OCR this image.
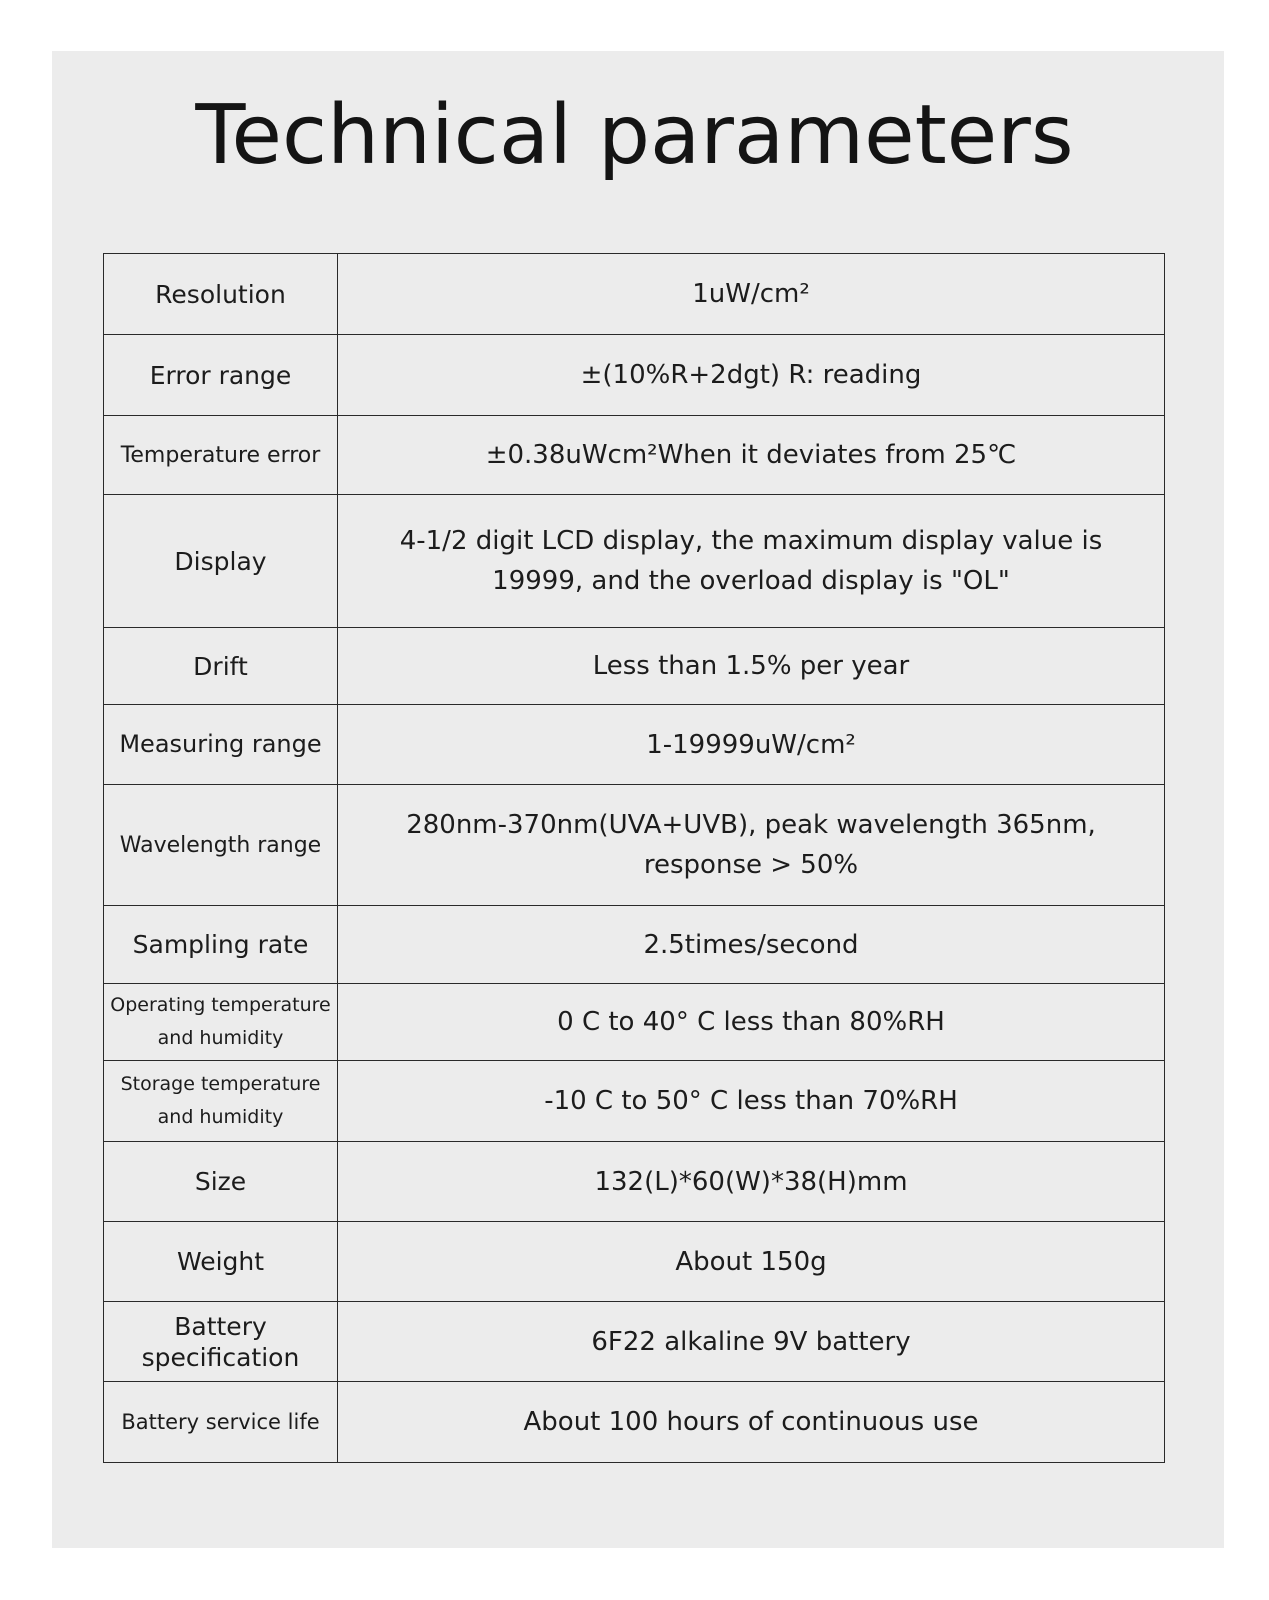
Technical parameters
Resolution	1uW/cm²
Error range	±(10%R+2dgt) R: reading
Temperature error	±0.38uWcm²When it deviates from 25℃
Display	4-1/2 digit LCD display, the maximum display value is 19999, and the overload display is "OL"
Drift	Less than 1.5% per year
Measuring range	1-19999uW/cm²
Wavelength range	280nm-370nm(UVA+UVB), peak wavelength 365nm, response > 50%
Sampling rate	2.5times/second
Operating temperature and humidity	0 C to 40° C less than 80%RH
Storage temperature and humidity	-10 C to 50° C less than 70%RH
Size	132(L)*60(W)*38(H)mm
Weight	About 150g
Battery specification	6F22 alkaline 9V battery
Battery service life	About 100 hours of continuous use
